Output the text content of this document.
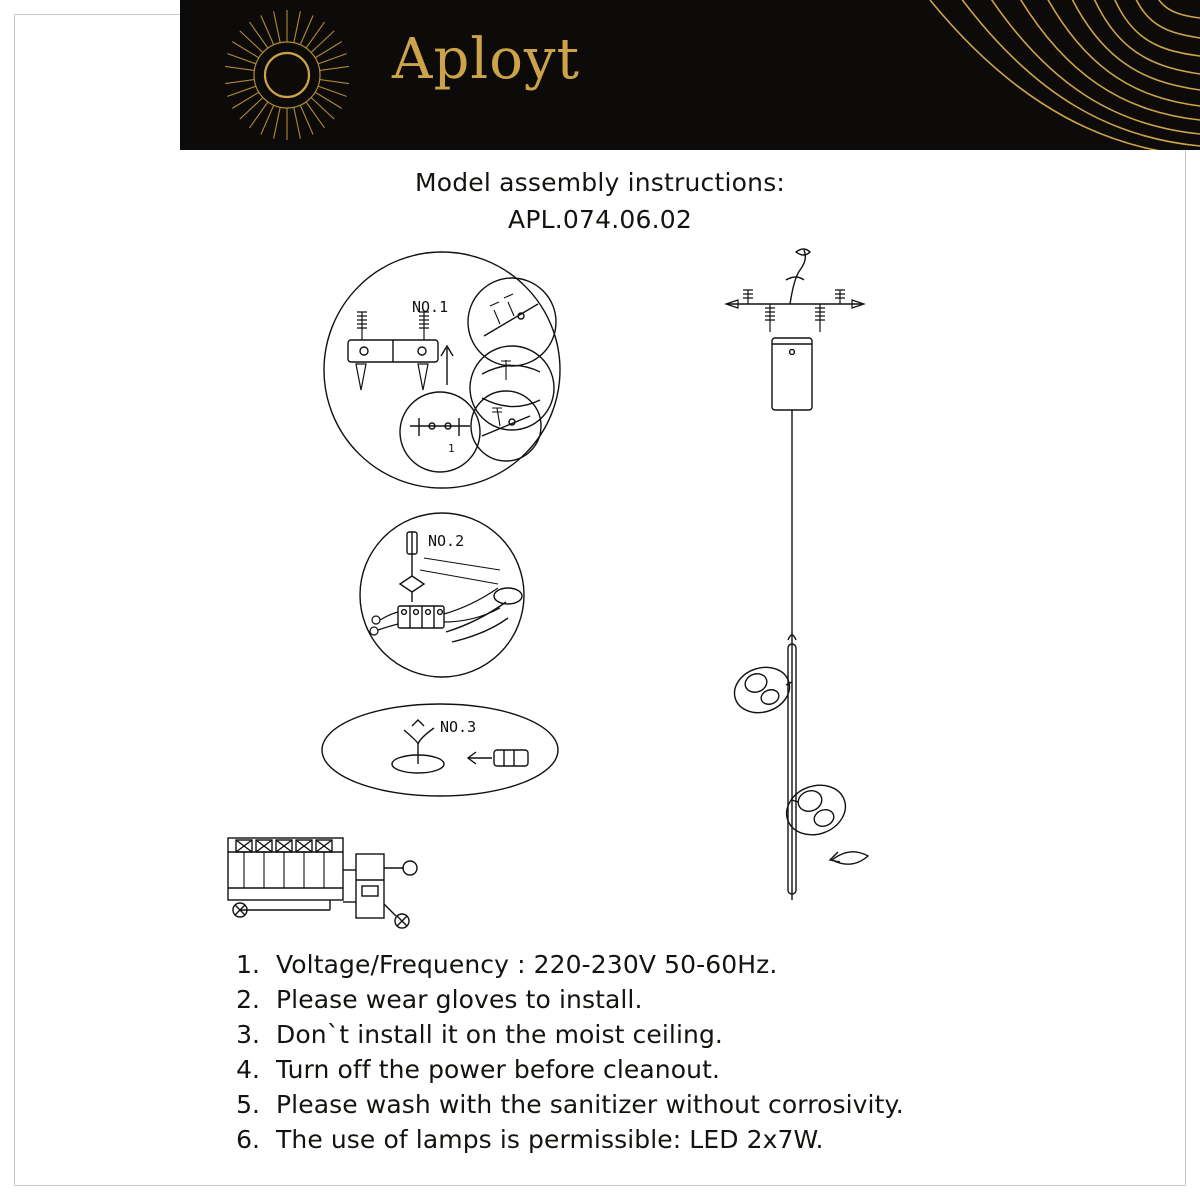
Aployt
Model assembly instructions:
APL.074.06.02
1
NO.1
NO.2
NO.3
1. Voltage/Frequency : 220-230V 50-60Hz.
2. Please wear gloves to install.
3. Don`t install it on the moist ceiling.
4. Turn off the power before cleanout.
5. Please wash with the sanitizer without corrosivity.
6. The use of lamps is permissible: LED 2x7W.
